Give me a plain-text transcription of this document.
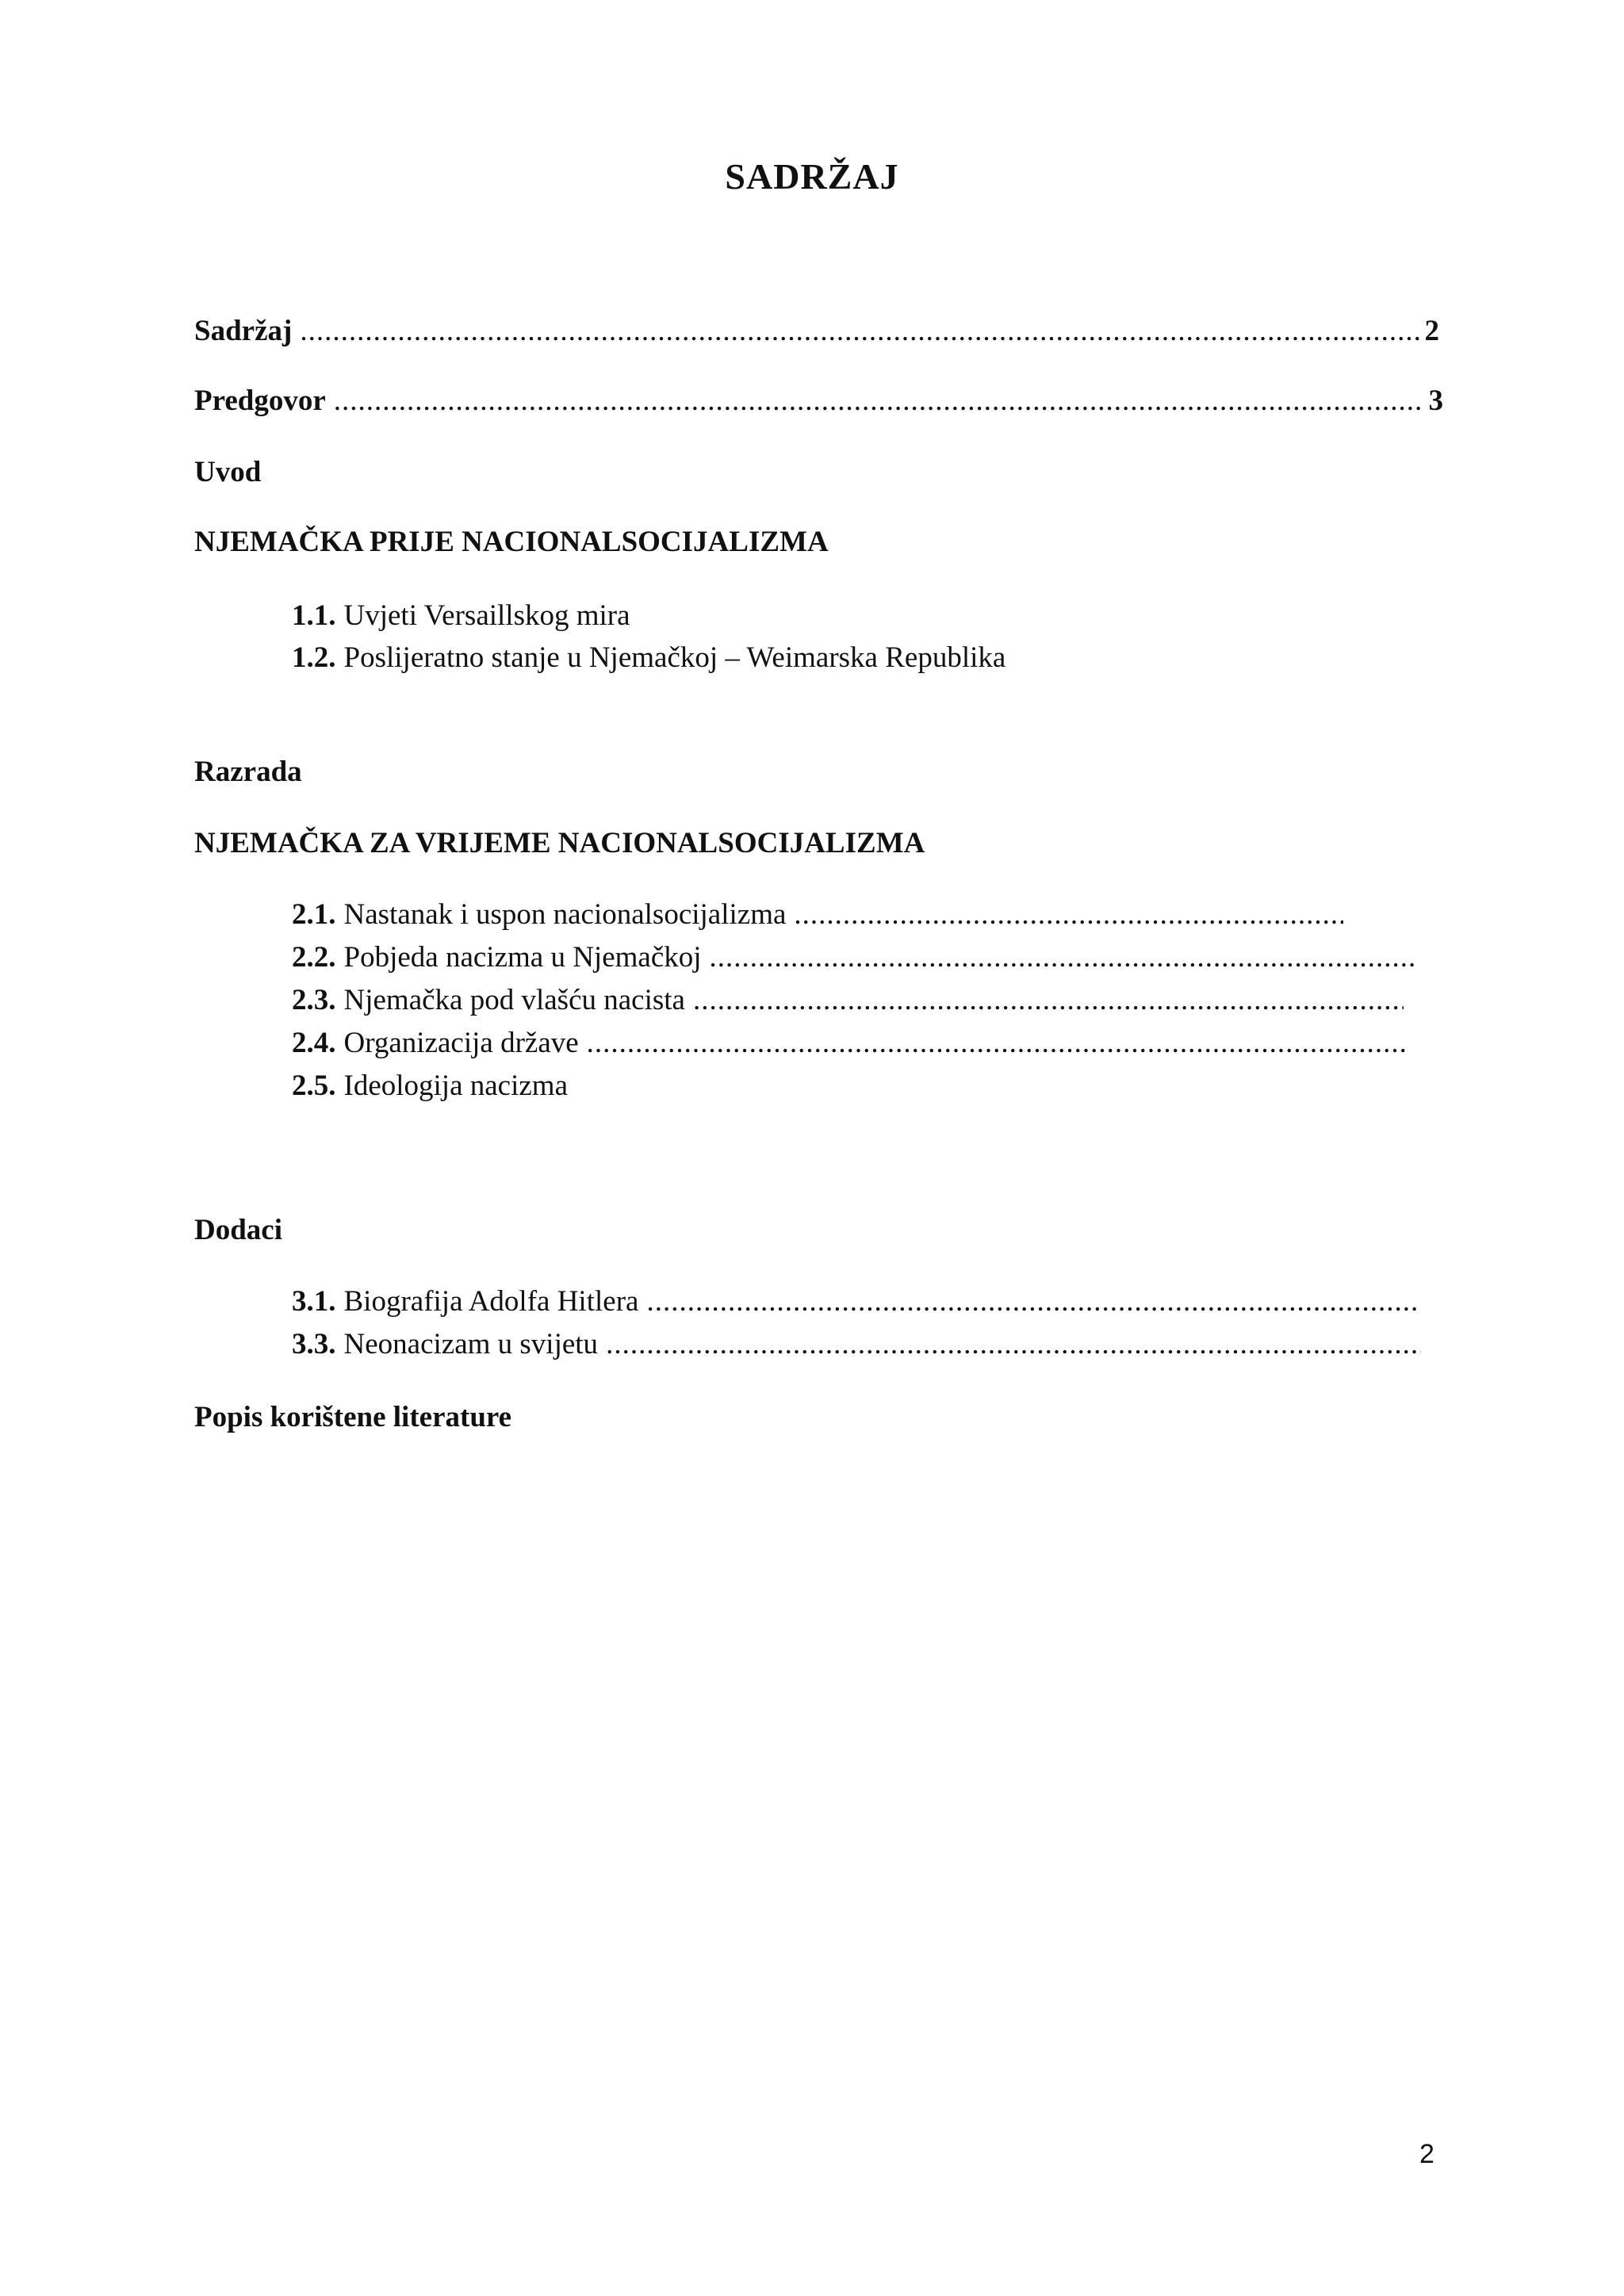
SADRŽAJ
Sadržaj .....	2
Predgovor .....	3
Uvod
NJEMAČKA PRIJE NACIONALSOCIJALIZMA
1.1. Uvjeti Versaillskog mira
1.2. Poslijeratno stanje u Njemačkoj – Weimarska Republika
Razrada
NJEMAČKA ZA VRIJEME NACIONALSOCIJALIZMA
2.1. Nastanak i uspon nacionalsocijalizma
.....
2.2. Pobjeda nacizma u Njemačkoj
.....
2.3. Njemačka pod vlašću nacista
.....
2.4. Organizacija države
.....
2.5. Ideologija nacizma
Dodaci
3.1. Biografija Adolfa Hitlera
.....
3.3. Neonacizam u svijetu
.....
Popis korištene literature
2
